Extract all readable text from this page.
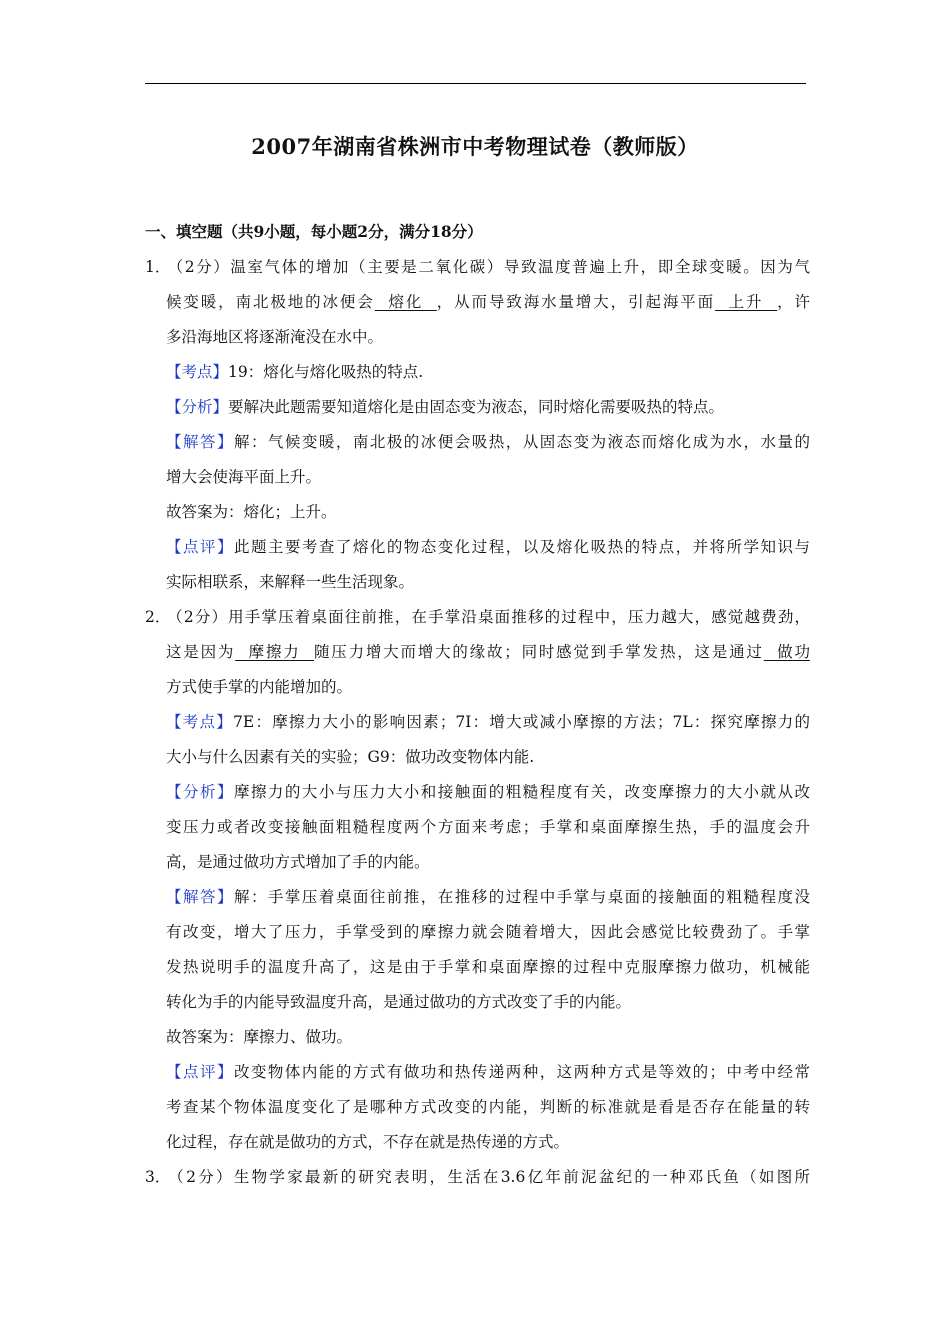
2007年湖南省株洲市中考物理试卷（教师版）
一、填空题（共9小题，每小题2分，满分18分）
1．（2分）温室气体的增加（主要是二氧化碳）导致温度普遍上升，即全球变暖。因为气
候变暖，南北极地的冰便会  熔化  ，从而导致海水量增大，引起海平面  上升  ，许
多沿海地区将逐渐淹没在水中。
【考点】19：熔化与熔化吸热的特点.
【分析】要解决此题需要知道熔化是由固态变为液态，同时熔化需要吸热的特点。
【解答】解：气候变暖，南北极的冰便会吸热，从固态变为液态而熔化成为水，水量的
增大会使海平面上升。
故答案为：熔化；上升。
【点评】此题主要考查了熔化的物态变化过程，以及熔化吸热的特点，并将所学知识与
实际相联系，来解释一些生活现象。
2．（2分）用手掌压着桌面往前推，在手掌沿桌面推移的过程中，压力越大，感觉越费劲，
这是因为  摩擦力  随压力增大而增大的缘故；同时感觉到手掌发热，这是通过  做功
方式使手掌的内能增加的。
【考点】7E：摩擦力大小的影响因素；7I：增大或减小摩擦的方法；7L：探究摩擦力的
大小与什么因素有关的实验；G9：做功改变物体内能.
【分析】摩擦力的大小与压力大小和接触面的粗糙程度有关，改变摩擦力的大小就从改
变压力或者改变接触面粗糙程度两个方面来考虑；手掌和桌面摩擦生热，手的温度会升
高，是通过做功方式增加了手的内能。
【解答】解：手掌压着桌面往前推，在推移的过程中手掌与桌面的接触面的粗糙程度没
有改变，增大了压力，手掌受到的摩擦力就会随着增大，因此会感觉比较费劲了。手掌
发热说明手的温度升高了，这是由于手掌和桌面摩擦的过程中克服摩擦力做功，机械能
转化为手的内能导致温度升高，是通过做功的方式改变了手的内能。
故答案为：摩擦力、做功。
【点评】改变物体内能的方式有做功和热传递两种，这两种方式是等效的；中考中经常
考查某个物体温度变化了是哪种方式改变的内能，判断的标准就是看是否存在能量的转
化过程，存在就是做功的方式，不存在就是热传递的方式。
3．（2分）生物学家最新的研究表明，生活在3.6亿年前泥盆纪的一种邓氏鱼（如图所
